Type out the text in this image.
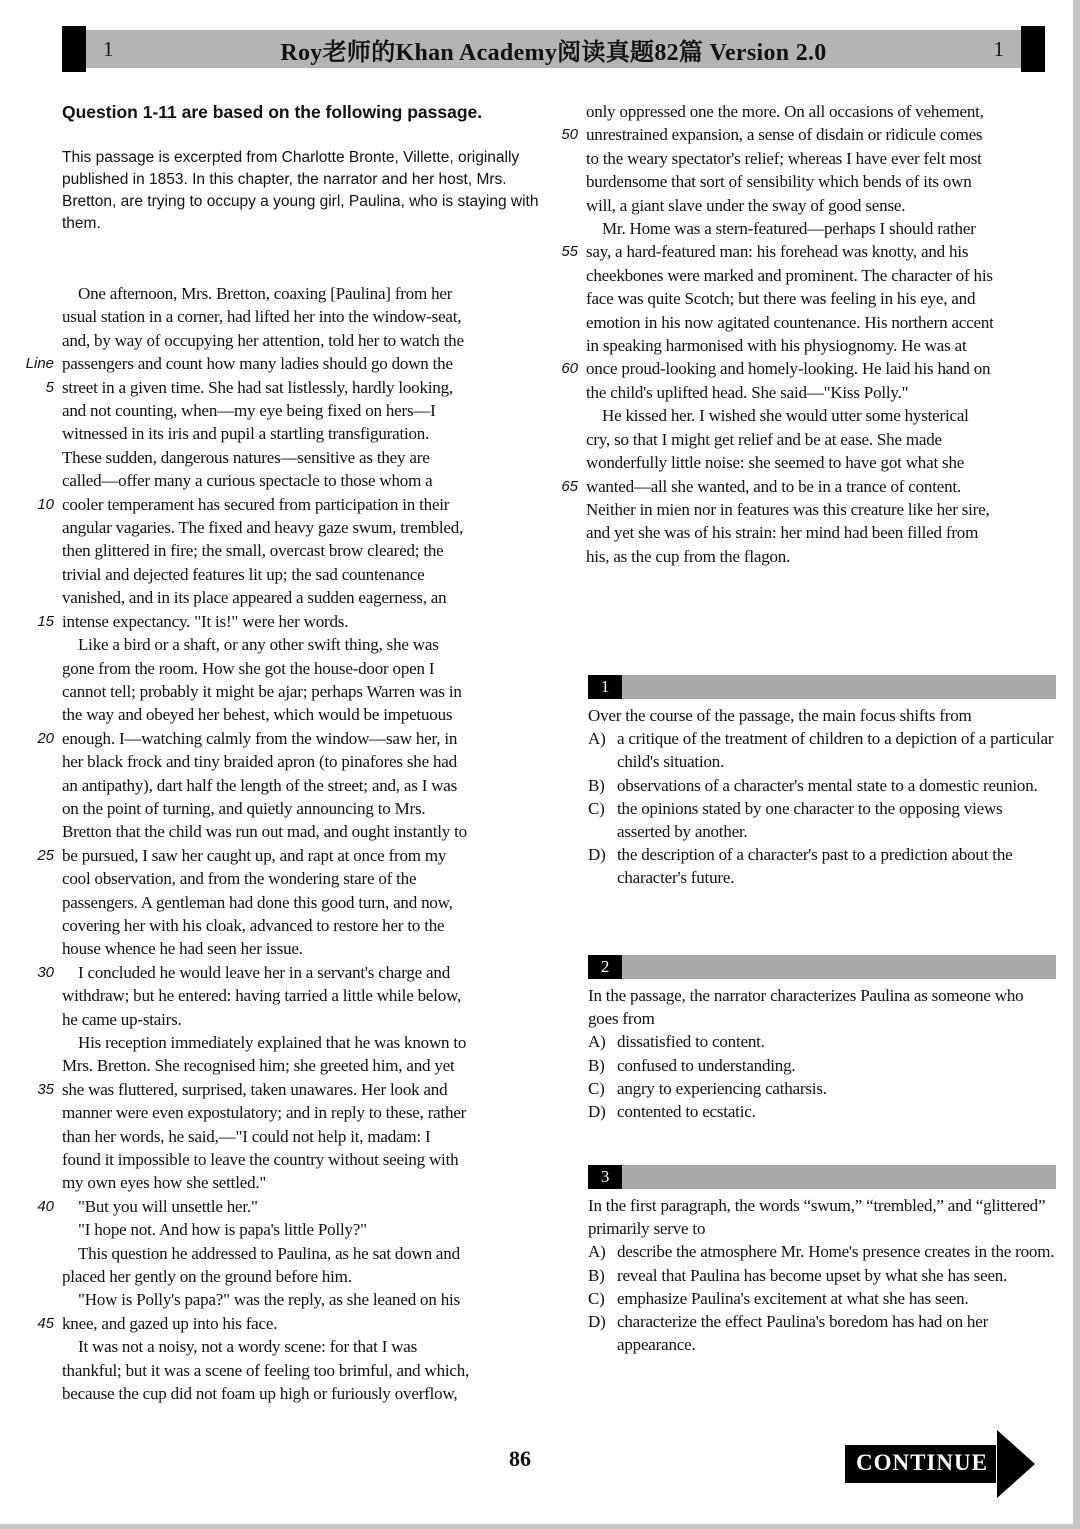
1	Roy老师的Khan Academy阅读真题82篇 Version 2.0	1
Question 1-11 are based on the following passage.
This passage is excerpted from Charlotte Bronte, Villette, originally published in 1853. In this chapter, the narrator and her host, Mrs. Bretton, are trying to occupy a young girl, Paulina, who is staying with them.
One afternoon, Mrs. Bretton, coaxing [Paulina] from her
usual station in a corner, had lifted her into the window-seat,
and, by way of occupying her attention, told her to watch the
Line passengers and count how many ladies should go down the
5 street in a given time. She had sat listlessly, hardly looking,
and not counting, when—my eye being fixed on hers—I
witnessed in its iris and pupil a startling transfiguration.
These sudden, dangerous natures—sensitive as they are
called—offer many a curious spectacle to those whom a
10 cooler temperament has secured from participation in their
angular vagaries. The fixed and heavy gaze swum, trembled,
then glittered in fire; the small, overcast brow cleared; the
trivial and dejected features lit up; the sad countenance
vanished, and in its place appeared a sudden eagerness, an
15 intense expectancy. "It is!" were her words.
Like a bird or a shaft, or any other swift thing, she was
gone from the room. How she got the house-door open I
cannot tell; probably it might be ajar; perhaps Warren was in
the way and obeyed her behest, which would be impetuous
20 enough. I—watching calmly from the window—saw her, in
her black frock and tiny braided apron (to pinafores she had
an antipathy), dart half the length of the street; and, as I was
on the point of turning, and quietly announcing to Mrs.
Bretton that the child was run out mad, and ought instantly to
25 be pursued, I saw her caught up, and rapt at once from my
cool observation, and from the wondering stare of the
passengers. A gentleman had done this good turn, and now,
covering her with his cloak, advanced to restore her to the
house whence he had seen her issue.
30	I concluded he would leave her in a servant's charge and
withdraw; but he entered: having tarried a little while below,
he came up-stairs.
His reception immediately explained that he was known to
Mrs. Bretton. She recognised him; she greeted him, and yet
35 she was fluttered, surprised, taken unawares. Her look and
manner were even expostulatory; and in reply to these, rather
than her words, he said,—"I could not help it, madam: I
found it impossible to leave the country without seeing with
my own eyes how she settled."
40	"But you will unsettle her."
"I hope not. And how is papa's little Polly?"
This question he addressed to Paulina, as he sat down and
placed her gently on the ground before him.
"How is Polly's papa?" was the reply, as she leaned on his
45 knee, and gazed up into his face.
It was not a noisy, not a wordy scene: for that I was
thankful; but it was a scene of feeling too brimful, and which,
because the cup did not foam up high or furiously overflow,
only oppressed one the more. On all occasions of vehement,
50 unrestrained expansion, a sense of disdain or ridicule comes
to the weary spectator's relief; whereas I have ever felt most
burdensome that sort of sensibility which bends of its own
will, a giant slave under the sway of good sense.
Mr. Home was a stern-featured—perhaps I should rather
55 say, a hard-featured man: his forehead was knotty, and his
cheekbones were marked and prominent. The character of his
face was quite Scotch; but there was feeling in his eye, and
emotion in his now agitated countenance. His northern accent
in speaking harmonised with his physiognomy. He was at
60 once proud-looking and homely-looking. He laid his hand on
the child's uplifted head. She said—"Kiss Polly."
He kissed her. I wished she would utter some hysterical
cry, so that I might get relief and be at ease. She made
wonderfully little noise: she seemed to have got what she
65 wanted—all she wanted, and to be in a trance of content.
Neither in mien nor in features was this creature like her sire,
and yet she was of his strain: her mind had been filled from
his, as the cup from the flagon.
1

Over the course of the passage, the main focus shifts from

A) a critique of the treatment of children to a depiction of a particular child's situation.
B) observations of a character's mental state to a domestic reunion.
C) the opinions stated by one character to the opposing views asserted by another.
D) the description of a character's past to a prediction about the character's future.
2

In the passage, the narrator characterizes Paulina as someone who goes from

A) dissatisfied to content.
B) confused to understanding.
C) angry to experiencing catharsis.
D) contented to ecstatic.
3

In the first paragraph, the words “swum,” “trembled,” and “glittered” primarily serve to

A) describe the atmosphere Mr. Home's presence creates in the room.
B) reveal that Paulina has become upset by what she has seen.
C) emphasize Paulina's excitement at what she has seen.
D) characterize the effect Paulina's boredom has had on her appearance.
86	CONTINUE
